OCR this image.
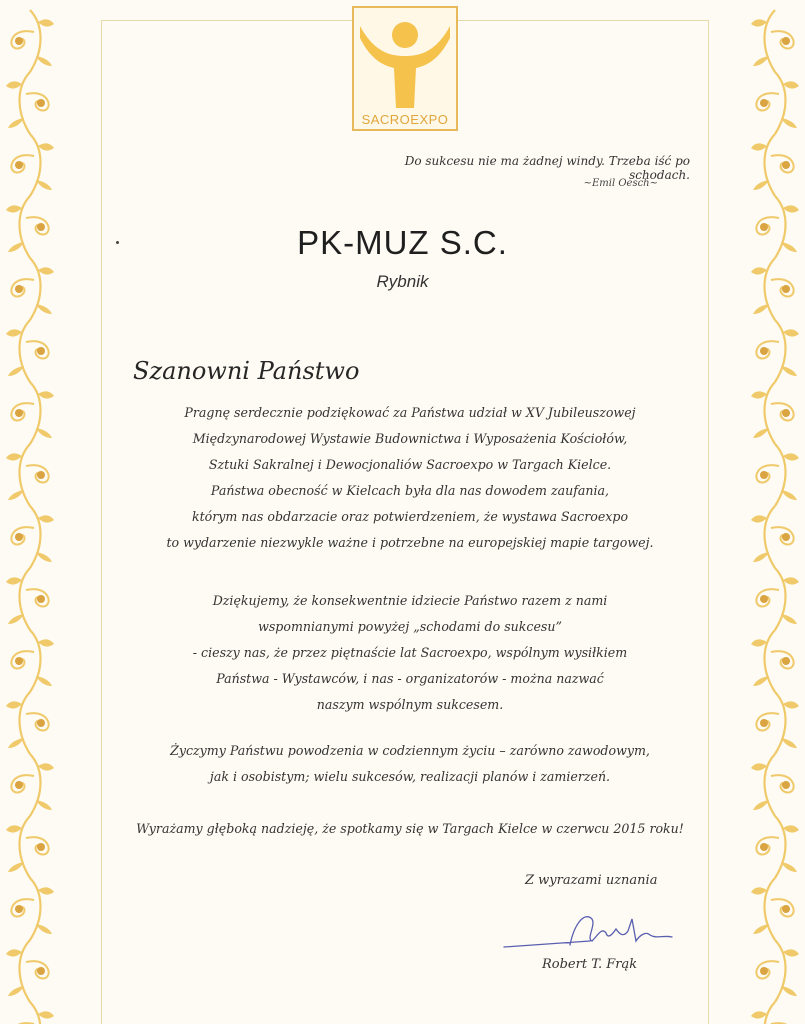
SACROEXPO
Do sukcesu nie ma żadnej windy. Trzeba iść po schodach.
~Emil Oesch~
PK-MUZ S.C.
Rybnik
Szanowni Państwo
Pragnę serdecznie podziękować za Państwa udział w XV Jubileuszowej
Międzynarodowej Wystawie Budownictwa i Wyposażenia Kościołów,
Sztuki Sakralnej i Dewocjonaliów Sacroexpo w Targach Kielce.
Państwa obecność w Kielcach była dla nas dowodem zaufania,
którym nas obdarzacie oraz potwierdzeniem, że wystawa Sacroexpo
to wydarzenie niezwykle ważne i potrzebne na europejskiej mapie targowej.
Dziękujemy, że konsekwentnie idziecie Państwo razem z nami
wspomnianymi powyżej „schodami do sukcesu”
- cieszy nas, że przez piętnaście lat Sacroexpo, wspólnym wysiłkiem
Państwa - Wystawców, i nas - organizatorów - można nazwać
naszym wspólnym sukcesem.
Życzymy Państwu powodzenia w codziennym życiu – zarówno zawodowym,
jak i osobistym; wielu sukcesów, realizacji planów i zamierzeń.
Wyrażamy głęboką nadzieję, że spotkamy się w Targach Kielce w czerwcu 2015 roku!
Z wyrazami uznania
Robert T. Frąk
